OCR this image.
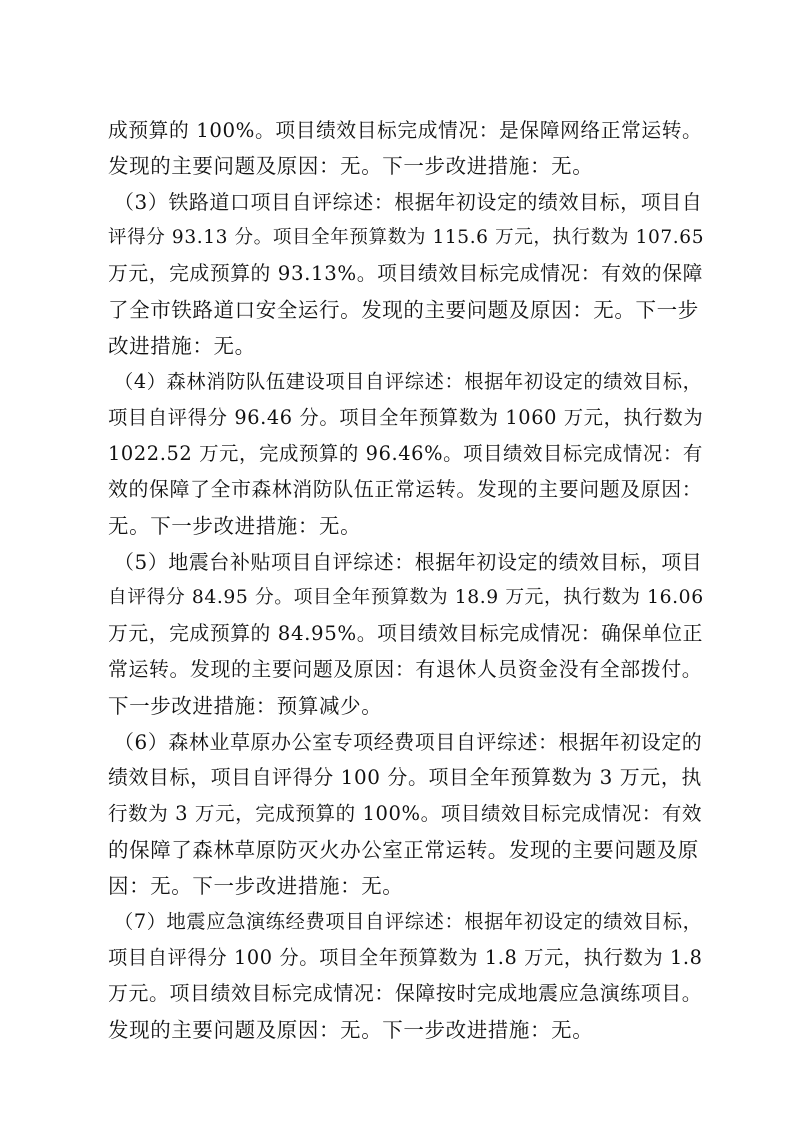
成预算的 100%。项目绩效目标完成情况：是保障网络正常运转。
发现的主要问题及原因：无。下一步改进措施：无。
（3）铁路道口项目自评综述：根据年初设定的绩效目标，项目自
评得分 93.13 分。项目全年预算数为 115.6 万元，执行数为 107.65
万元，完成预算的 93.13%。项目绩效目标完成情况：有效的保障
了全市铁路道口安全运行。发现的主要问题及原因：无。下一步
改进措施：无。
（4）森林消防队伍建设项目自评综述：根据年初设定的绩效目标，
项目自评得分 96.46 分。项目全年预算数为 1060 万元，执行数为
1022.52 万元，完成预算的 96.46%。项目绩效目标完成情况：有
效的保障了全市森林消防队伍正常运转。发现的主要问题及原因：
无。下一步改进措施：无。
（5）地震台补贴项目自评综述：根据年初设定的绩效目标，项目
自评得分 84.95 分。项目全年预算数为 18.9 万元，执行数为 16.06
万元，完成预算的 84.95%。项目绩效目标完成情况：确保单位正
常运转。发现的主要问题及原因：有退休人员资金没有全部拨付。
下一步改进措施：预算减少。
（6）森林业草原办公室专项经费项目自评综述：根据年初设定的
绩效目标，项目自评得分 100 分。项目全年预算数为 3 万元，执
行数为 3 万元，完成预算的 100%。项目绩效目标完成情况：有效
的保障了森林草原防灭火办公室正常运转。发现的主要问题及原
因：无。下一步改进措施：无。
（7）地震应急演练经费项目自评综述：根据年初设定的绩效目标，
项目自评得分 100 分。项目全年预算数为 1.8 万元，执行数为 1.8
万元。项目绩效目标完成情况：保障按时完成地震应急演练项目。
发现的主要问题及原因：无。下一步改进措施：无。
